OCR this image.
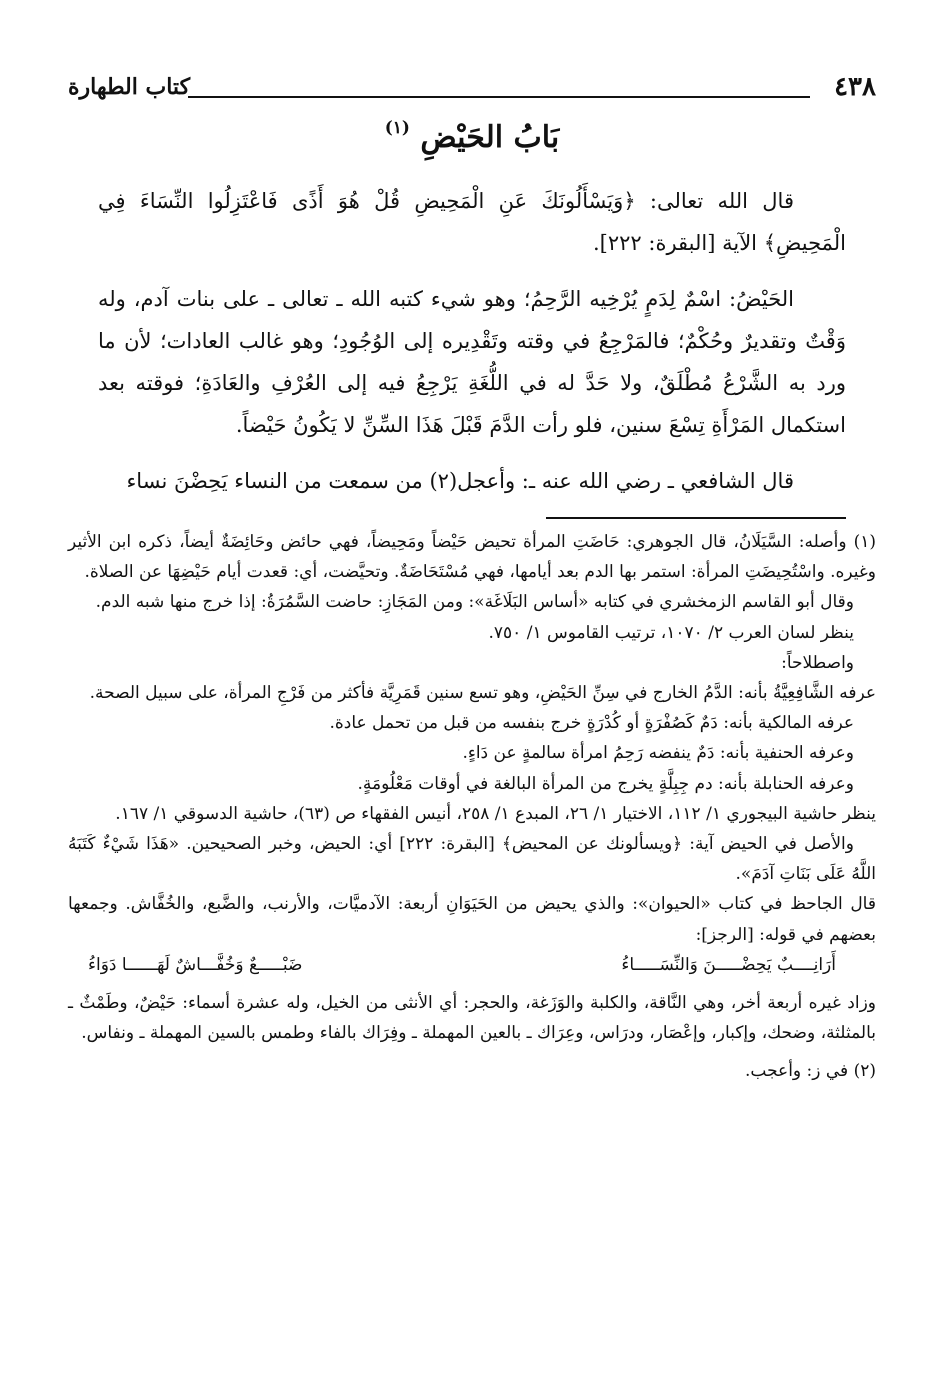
٤٣٨
كتاب الطهارة
بَابُ الحَيْضِ $^{(١)}$

قال الله تعالى: ﴿وَيَسْأَلُونَكَ عَنِ الْمَحِيضِ قُلْ هُوَ أَذًى فَاعْتَزِلُوا النِّسَاءَ فِي الْمَحِيضِ﴾ الآية [البقرة: ٢٢٢].

الحَيْضُ: اسْمٌ لِدَمٍ يُرْخِيه الرَّحِمُ؛ وهو شيء كتبه الله ـ تعالى ـ على بنات آدم، وله وَقْتٌ وتقديرٌ وحُكْمٌ؛ فالمَرْجِعُ في وقته وتَقْدِيره إلى الوُجُودِ؛ وهو غالب العادات؛ لأن ما ورد به الشَّرْعُ مُطْلَقٌ، ولا حَدَّ له في اللُّغَةِ يَرْجِعُ فيه إلى العُرْفِ والعَادَةِ؛ فوقته بعد استكمال المَرْأَةِ تِسْعَ سنين، فلو رأت الدَّمَ قَبْلَ هَذَا السِّنِّ لا يَكُونُ حَيْضاً.

قال الشافعي ـ رضي الله عنه ـ: وأعجل(٢) من سمعت من النساء يَحِضْنَ نساء

(١) وأصله: السَّيَلَانُ، قال الجوهري: حَاضَتِ المرأة تحيض حَيْضاً ومَحِيضاً، فهي حائض وحَائِضَةٌ أيضاً، ذكره ابن الأثير وغيره. واسْتُحِيضَتِ المرأة: استمر بها الدم بعد أيامها، فهي مُسْتَحَاضَةٌ. وتحيَّضت، أي: قعدت أيام حَيْضِهَا عن الصلاة.

وقال أبو القاسم الزمخشري في كتابه «أساس البَلَاغَة»: ومن المَجَازِ: حاضت السَّمُرَةُ: إذا خرج منها شبه الدم.

ينظر لسان العرب ٢/ ١٠٧٠، ترتيب القاموس ١/ ٧٥٠.

واصطلاحاً:

عرفه الشَّافِعِيَّةُ بأنه: الدَّمُ الخارج في سِنِّ الحَيْضِ، وهو تسع سنين قَمَرِيَّة فأكثر من فَرْجِ المرأة، على سبيل الصحة.

عرفه المالكية بأنه: دَمٌ كَصُفْرَةٍ أو كُدْرَةٍ خرج بنفسه من قبل من تحمل عادة.

وعرفه الحنفية بأنه: دَمٌ ينفضه رَحِمُ امرأة سالمةٍ عن دَاءٍ.

وعرفه الحنابلة بأنه: دم جِبِلَّةٍ يخرج من المرأة البالغة في أوقات مَعْلُومَةٍ.

ينظر حاشية البيجوري ١/ ١١٢، الاختيار ١/ ٢٦، المبدع ١/ ٢٥٨، أنيس الفقهاء ص (٦٣)، حاشية الدسوقي ١/ ١٦٧.

والأصل في الحيض آية: ﴿ويسألونك عن المحيض﴾ [البقرة: ٢٢٢] أي: الحيض، وخبر الصحيحين. «هَذَا شَيْءٌ كَتَبَهُ اللَّهُ عَلَى بَنَاتِ آدَمَ».

قال الجاحظ في كتاب «الحيوان»: والذي يحيض من الحَيَوَانِ أربعة: الآدميَّات، والأرنب، والضَّبع، والخُفَّاش. وجمعها بعضهم في قوله: [الرجز]:

أَرَانِــــبٌ يَحِضْـــــنَ وَالنِّسَـــــاءُ
ضَبْـــــعٌ وَخُفَّـــاشٌ لَهَــــــا دَوَاءُ

وزاد غيره أربعة أخر، وهي النَّاقة، والكلبة والوَزَغة، والحجر: أي الأنثى من الخيل، وله عشرة أسماء: حَيْضٌ، وطَمْثٌ ـ بالمثلثة، وضحك، وإكبار، وإعْصَار، ودرَاس، وعِرَاك ـ بالعين المهملة ـ وفِرَاك بالفاء وطمس بالسين المهملة ـ ونفاس.

(٢) في ز: وأعجب.
